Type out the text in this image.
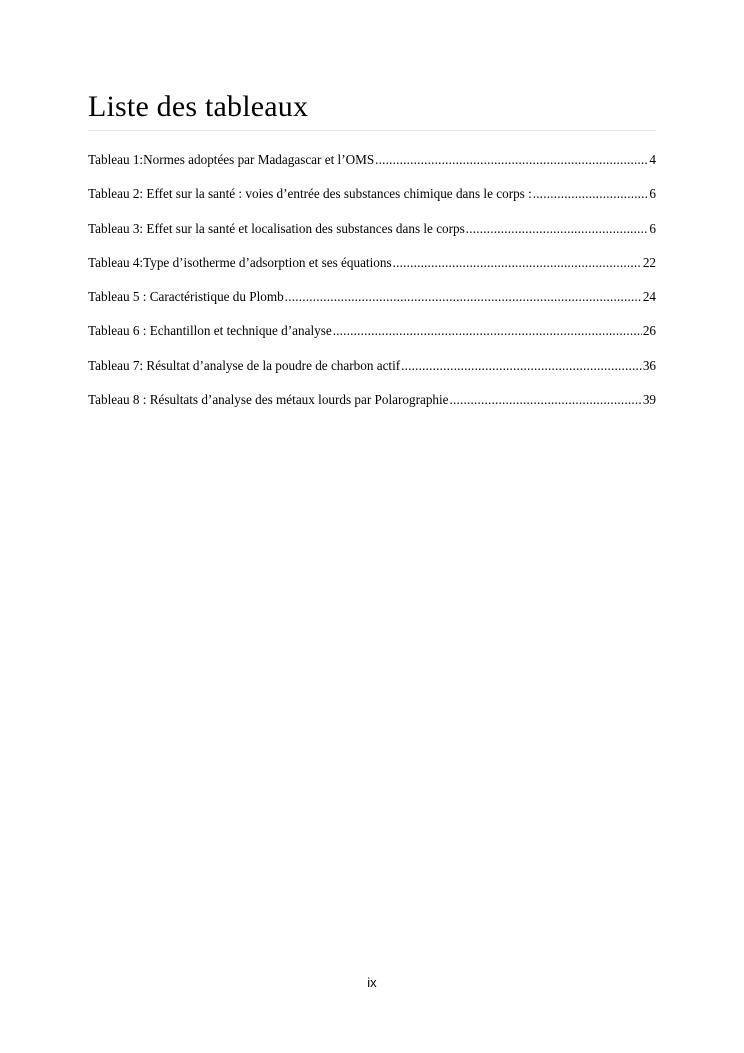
Liste des tableaux
Tableau 1:Normes adoptées par Madagascar et l’OMS .....	4
Tableau 2: Effet sur la santé : voies d’entrée des substances chimique dans le corps : .....	6
Tableau 3: Effet sur la santé et localisation des substances dans le corps .....	6
Tableau 4:Type d’isotherme d’adsorption et ses équations .....	22
Tableau 5 : Caractéristique du Plomb .....	24
Tableau 6 : Echantillon et technique d’analyse .....	26
Tableau 7: Résultat d’analyse de la poudre de charbon actif .....	36
Tableau 8 : Résultats d’analyse des métaux lourds par Polarographie .....	39
ix
